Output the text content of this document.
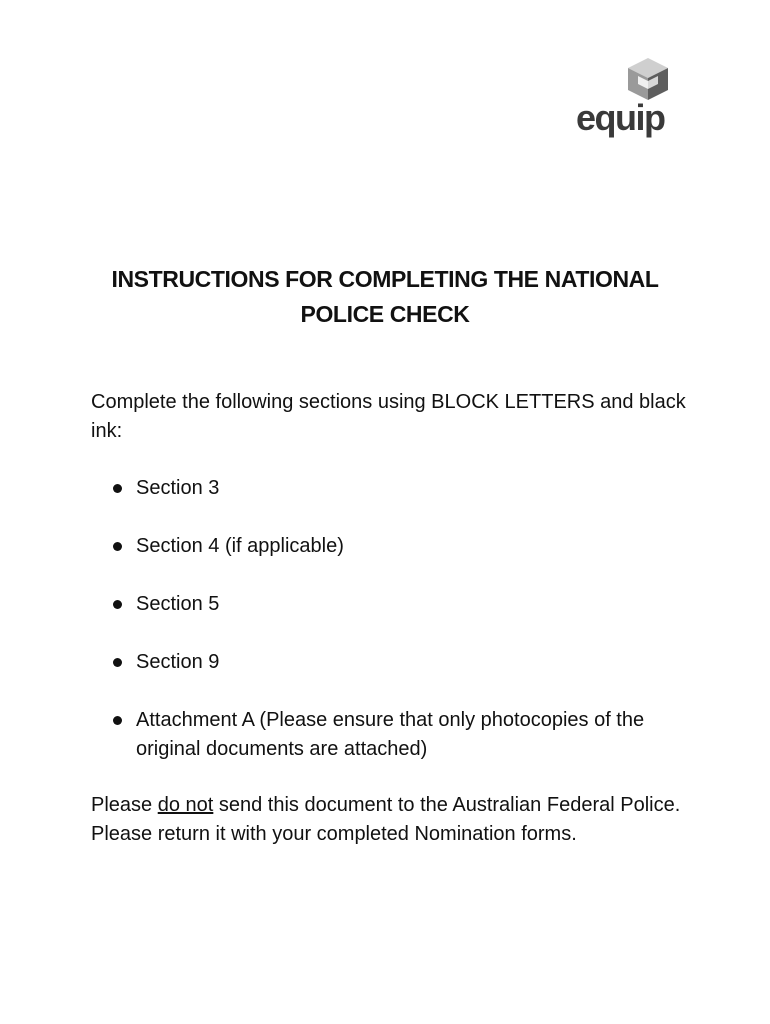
equip
INSTRUCTIONS FOR COMPLETING THE NATIONAL
POLICE CHECK
Complete the following sections using BLOCK LETTERS and black ink:
Section 3
Section 4 (if applicable)
Section 5
Section 9
Attachment A (Please ensure that only photocopies of the original documents are attached)
Please do not send this document to the Australian Federal Police. Please return it with your completed Nomination forms.
